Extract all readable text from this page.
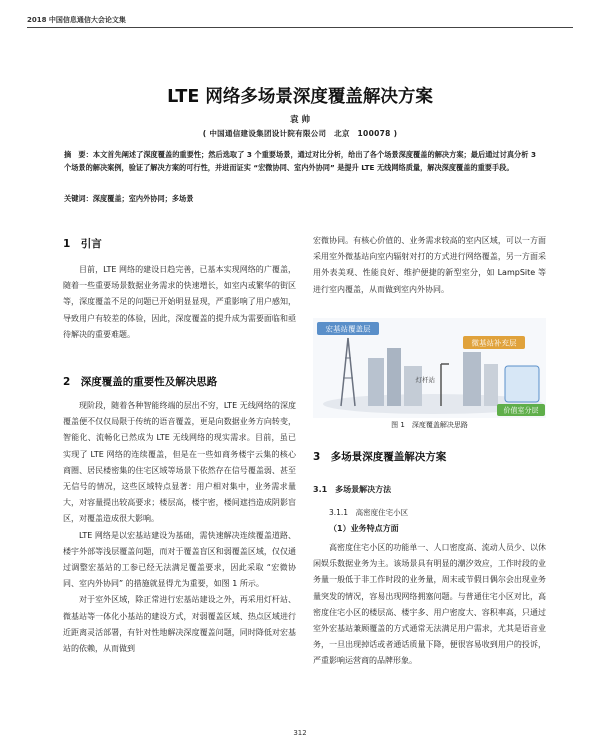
2018 中国信息通信大会论文集
LTE 网络多场景深度覆盖解决方案
袁 帅
( 中国通信建设集团设计院有限公司　北京　100078 )
摘　要：本文首先阐述了深度覆盖的重要性；然后选取了 3 个重要场景，通过对比分析，给出了各个场景深度覆盖的解决方案；最后通过讨真分析 3 个场景的解决案例，验证了解决方案的可行性，并进而证实 “宏微协同、室内外协同” 是提升 LTE 无线网络质量，解决深度覆盖的重要手段。
关键词：深度覆盖；室内外协同；多场景
1　引言

目前，LTE 网络的建设日趋完善，已基本实现网络的广覆盖，随着一些重要场景数据业务需求的快速增长，如室内或繁华的街区等，深度覆盖不足的问题已开始明显显现，严重影响了用户感知，导致用户有较差的体验，因此，深度覆盖的提升成为需要面临和亟待解决的重要难题。

2　深度覆盖的重要性及解决思路

现阶段，随着各种智能终端的层出不穷，LTE 无线网络的深度覆盖便不仅仅局限于传统的语音覆盖，更是向数据业务方向转变，智能化、流畅化已然成为 LTE 无线网络的现实需求。目前，虽已实现了 LTE 网络的连续覆盖，但是在一些如商务楼宇云集的核心商圈、居民楼密集的住宅区域等场景下依然存在信号覆盖弱、甚至无信号的情况，这些区域特点显著：用户相对集中，业务需求量大，对容量提出较高要求；楼层高，楼宇密，楼间遮挡造成阴影盲区，对覆盖造成很大影响。

LTE 网络是以宏基站建设为基础，需快速解决连续覆盖道路、楼宇外部等浅层覆盖问题，而对于覆盖盲区和弱覆盖区域，仅仅通过调整宏基站的工参已经无法满足覆盖要求，因此采取 “宏微协同、室内外协同” 的措施就显得尤为重要，如图 1 所示。

对于室外区域，除正常进行宏基站建设之外，再采用灯杆站、微基站等一体化小基站的建设方式，对弱覆盖区域、热点区域进行近距离灵活部署，有针对性地解决深度覆盖问题，同时降低对宏基站的依赖，从而做到

宏微协同。有核心价值的、业务需求较高的室内区域，可以一方面采用室外微基站向室内辐射对打的方式进行网络覆盖，另一方面采用外表美观、性能良好、维护便捷的新型室分，如 LampSite 等进行室内覆盖，从而做到室内外协同。

宏基站覆盖层
微基站补充层
灯杆站
价值室分层
图 1　深度覆盖解决思路
3　多场景深度覆盖解决方案
3.1　多场景解决方法
3.1.1　高密度住宅小区
（1）业务特点方面

高密度住宅小区的功能单一、人口密度高、流动人员少、以休闲娱乐数据业务为主。该场景具有明显的潮汐效应，工作时段的业务量一般低于非工作时段的业务量，周末或节假日偶尔会出现业务量突发的情况，容易出现网络拥塞问题。与普通住宅小区对比，高密度住宅小区的楼层高、楼宇多、用户密度大、容积率高，只通过室外宏基站兼顾覆盖的方式通常无法满足用户需求，尤其是语音业务，一旦出现掉话或者通话质量下降，便很容易收到用户的投诉，严重影响运营商的品牌形象。

312
